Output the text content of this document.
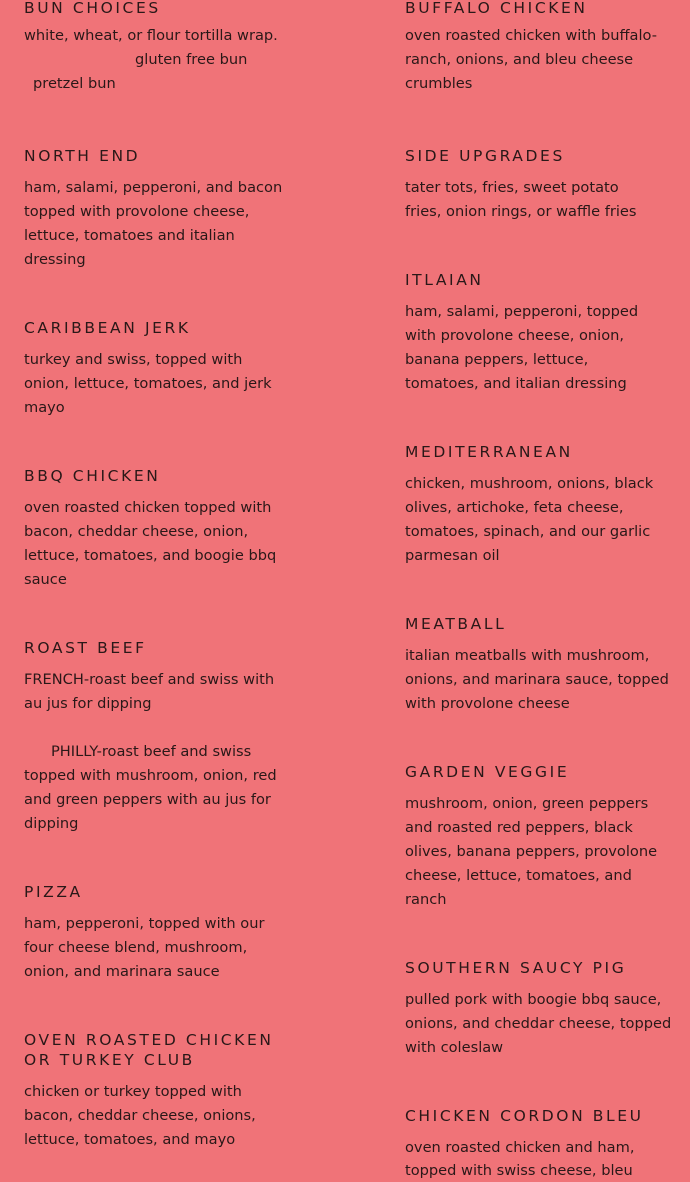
BUN CHOICES

white, wheat, or flour tortilla wrap.
gluten free bun
pretzel bun

NORTH END

ham, salami, pepperoni, and bacon
topped with provolone cheese,
lettuce, tomatoes and italian
dressing

CARIBBEAN JERK

turkey and swiss, topped with
onion, lettuce, tomatoes, and jerk
mayo

BBQ CHICKEN

oven roasted chicken topped with
bacon, cheddar cheese, onion,
lettuce, tomatoes, and boogie bbq
sauce

ROAST BEEF

FRENCH-roast beef and swiss with
au jus for dipping
PHILLY-roast beef and swiss
topped with mushroom, onion, red
and green peppers with au jus for
dipping

PIZZA

ham, pepperoni, topped with our
four cheese blend, mushroom,
onion, and marinara sauce

OVEN ROASTED CHICKEN
OR TURKEY CLUB

chicken or turkey topped with
bacon, cheddar cheese, onions,
lettuce, tomatoes, and mayo

BUFFALO CHICKEN

oven roasted chicken with buffalo-
ranch, onions, and bleu cheese
crumbles

SIDE UPGRADES

tater tots, fries, sweet potato
fries, onion rings, or waffle fries

ITLAIAN

ham, salami, pepperoni, topped
with provolone cheese, onion,
banana peppers, lettuce,
tomatoes, and italian dressing

MEDITERRANEAN

chicken, mushroom, onions, black
olives, artichoke, feta cheese,
tomatoes, spinach, and our garlic
parmesan oil

MEATBALL

italian meatballs with mushroom,
onions, and marinara sauce, topped
with provolone cheese

GARDEN VEGGIE

mushroom, onion, green peppers
and roasted red peppers, black
olives, banana peppers, provolone
cheese, lettuce, tomatoes, and
ranch

SOUTHERN SAUCY PIG

pulled pork with boogie bbq sauce,
onions, and cheddar cheese, topped
with coleslaw

CHICKEN CORDON BLEU

oven roasted chicken and ham,
topped with swiss cheese, bleu
